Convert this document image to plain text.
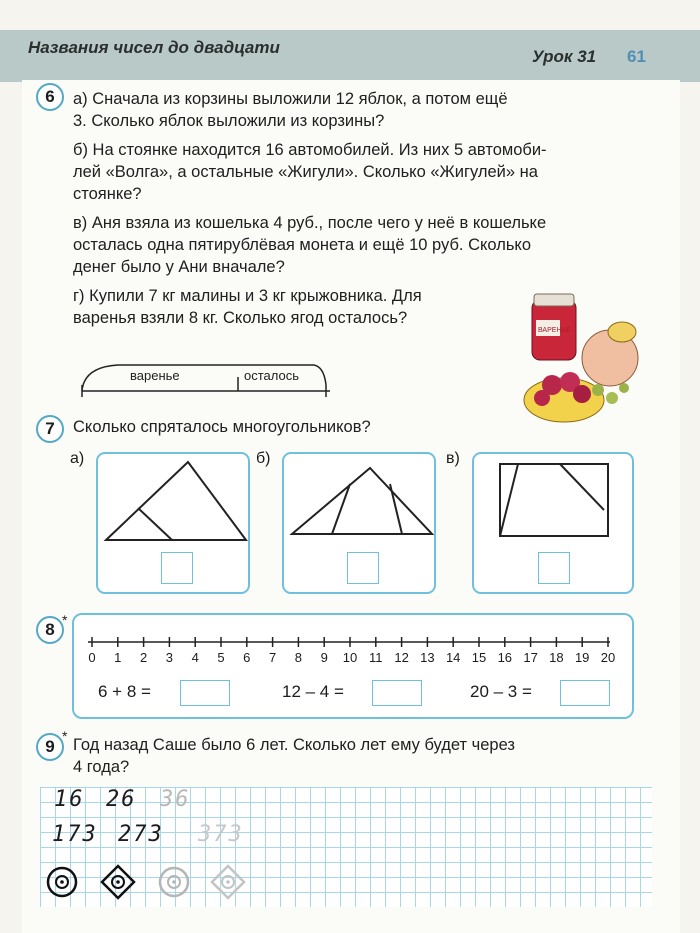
Названия чисел до двадцати	Урок 31 61
6	а) Сначала из корзины выложили 12 яблок, а потом ещё
3. Сколько яблок выложили из корзины?
б) На стоянке находится 16 автомобилей. Из них 5 автомоби-
лей «Волга», а остальные «Жигули». Сколько «Жигулей» на
стоянке?
в) Аня взяла из кошелька 4 руб., после чего у неё в кошельке
осталась одна пятирублёвая монета и ещё 10 руб. Сколько
денег было у Ани вначале?
г) Купили 7 кг малины и 3 кг крыжовника. Для
варенья взяли 8 кг. Сколько ягод осталось?
варенье	осталось
ВАРЕНЬЕ
7	Сколько спряталось многоугольников?
а)	б)	в)
8 *
0	1	2	3	4	5	6	7	8	9	10 11 12 13 14 15 16 17 18 19 20
6 + 8 =	12 – 4 =	20 – 3 =
9
* Год назад Саше было 6 лет. Сколько лет ему будет через
4 года?
16 26 36
173 273 373
